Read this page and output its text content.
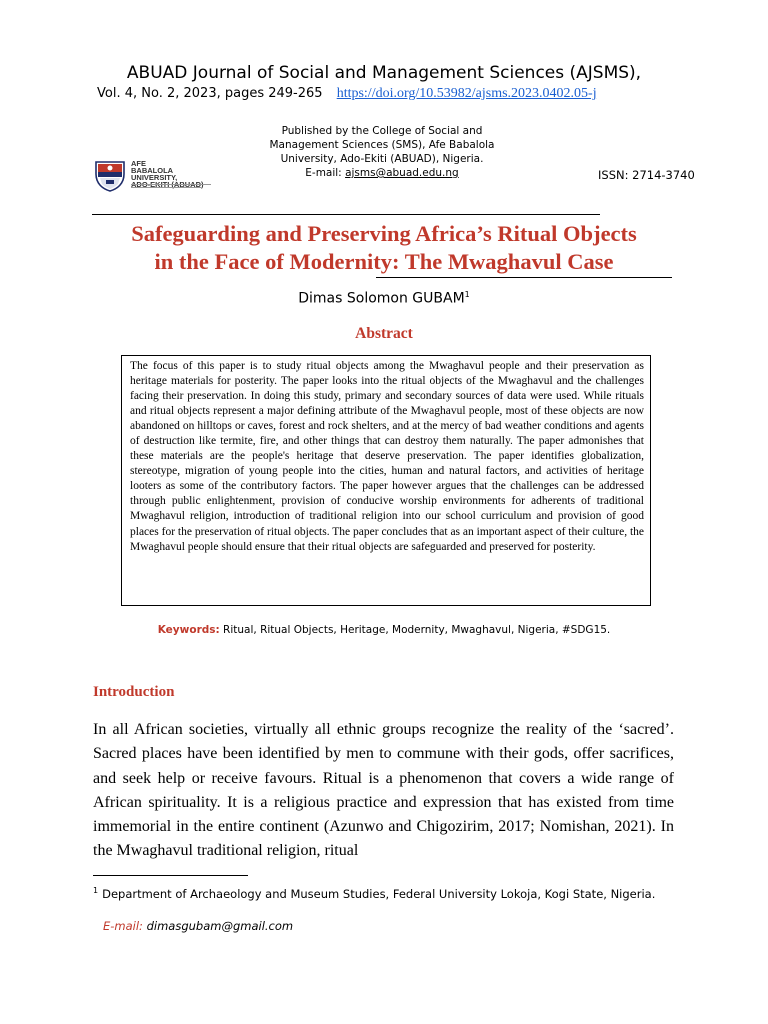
ABUAD Journal of Social and Management Sciences (AJSMS),
Vol. 4, No. 2, 2023, pages 249-265 https://doi.org/10.53982/ajsms.2023.0402.05-j
AFE
BABALOLA
UNIVERSITY,
Published by the College of Social and
Management Sciences (SMS), Afe Babalola
University, Ado-Ekiti (ABUAD), Nigeria.
E-mail: ajsms@abuad.edu.ng	ISSN: 2714-3740
Safeguarding and Preserving Africa’s Ritual Objects
in the Face of Modernity: The Mwaghavul Case
Dimas Solomon GUBAM$^1$
Abstract
The focus of this paper is to study ritual objects among the Mwaghavul people and their preservation as heritage materials for posterity. The paper looks into the ritual objects of the Mwaghavul and the challenges facing their preservation. In doing this study, primary and secondary sources of data were used. While rituals and ritual objects represent a major defining attribute of the Mwaghavul people, most of these objects are now abandoned on hilltops or caves, forest and rock shelters, and at the mercy of bad weather conditions and agents of destruction like termite, fire, and other things that can destroy them naturally. The paper admonishes that these materials are the people's heritage that deserve preservation. The paper identifies globalization, stereotype, migration of young people into the cities, human and natural factors, and activities of heritage looters as some of the contributory factors. The paper however argues that the challenges can be addressed through public enlightenment, provision of conducive worship environments for adherents of traditional Mwaghavul religion, introduction of traditional religion into our school curriculum and provision of good places for the preservation of ritual objects. The paper concludes that as an important aspect of their culture, the Mwaghavul people should ensure that their ritual objects are safeguarded and preserved for posterity.
Keywords: Ritual, Ritual Objects, Heritage, Modernity, Mwaghavul, Nigeria, #SDG15.
Introduction
In all African societies, virtually all ethnic groups recognize the reality of the ‘sacred’. Sacred places have been identified by men to commune with their gods, offer sacrifices, and seek help or receive favours. Ritual is a phenomenon that covers a wide range of African spirituality. It is a religious practice and expression that has existed from time immemorial in the entire continent (Azunwo and Chigozirim, 2017; Nomishan, 2021). In the Mwaghavul traditional religion, ritual
$^1$ Department of Archaeology and Museum Studies, Federal University Lokoja, Kogi State, Nigeria.
E-mail: dimasgubam@gmail.com
